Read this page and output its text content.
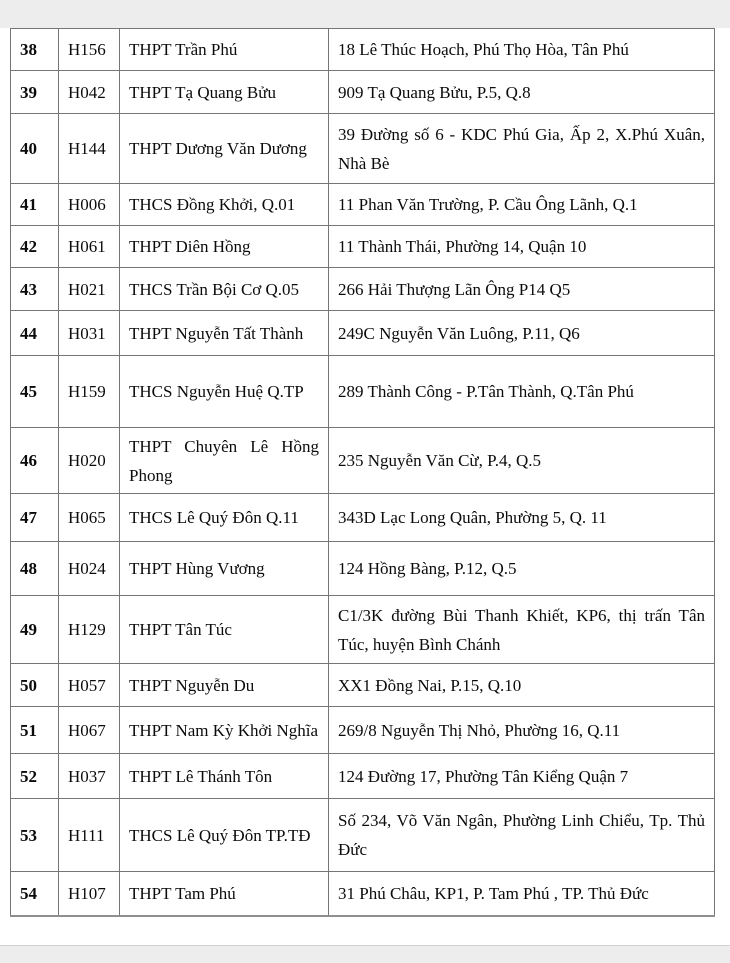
38	H156	THPT Trần Phú	18 Lê Thúc Hoạch, Phú Thọ Hòa, Tân Phú
39	H042	THPT Tạ Quang Bửu	909 Tạ Quang Bửu, P.5, Q.8
40	H144	THPT Dương Văn Dương	39 Đường số 6 - KDC Phú Gia, Ấp 2, X.Phú Xuân, Nhà Bè
41	H006	THCS Đồng Khởi, Q.01	11 Phan Văn Trường, P. Cầu Ông Lãnh, Q.1
42	H061	THPT Diên Hồng	11 Thành Thái, Phường 14, Quận 10
43	H021	THCS Trần Bội Cơ Q.05	266 Hải Thượng Lãn Ông P14 Q5
44	H031	THPT Nguyễn Tất Thành	249C Nguyễn Văn Luông, P.11, Q6
45	H159	THCS Nguyễn Huệ Q.TP	289 Thành Công - P.Tân Thành, Q.Tân Phú
46	H020	THPT Chuyên Lê Hồng Phong	235 Nguyễn Văn Cừ, P.4, Q.5
47	H065	THCS Lê Quý Đôn Q.11	343D Lạc Long Quân, Phường 5, Q. 11
48	H024	THPT Hùng Vương	124 Hồng Bàng, P.12, Q.5
49	H129	THPT Tân Túc	C1/3K đường Bùi Thanh Khiết, KP6, thị trấn Tân Túc, huyện Bình Chánh
50	H057	THPT Nguyễn Du	XX1 Đồng Nai, P.15, Q.10
51	H067	THPT Nam Kỳ Khởi Nghĩa	269/8 Nguyễn Thị Nhỏ, Phường 16, Q.11
52	H037	THPT Lê Thánh Tôn	124 Đường 17, Phường Tân Kiểng Quận 7
53	H111	THCS Lê Quý Đôn TP.TĐ	Số 234, Võ Văn Ngân, Phường Linh Chiểu, Tp. Thủ Đức
54	H107	THPT Tam Phú	31 Phú Châu, KP1, P. Tam Phú , TP. Thủ Đức
